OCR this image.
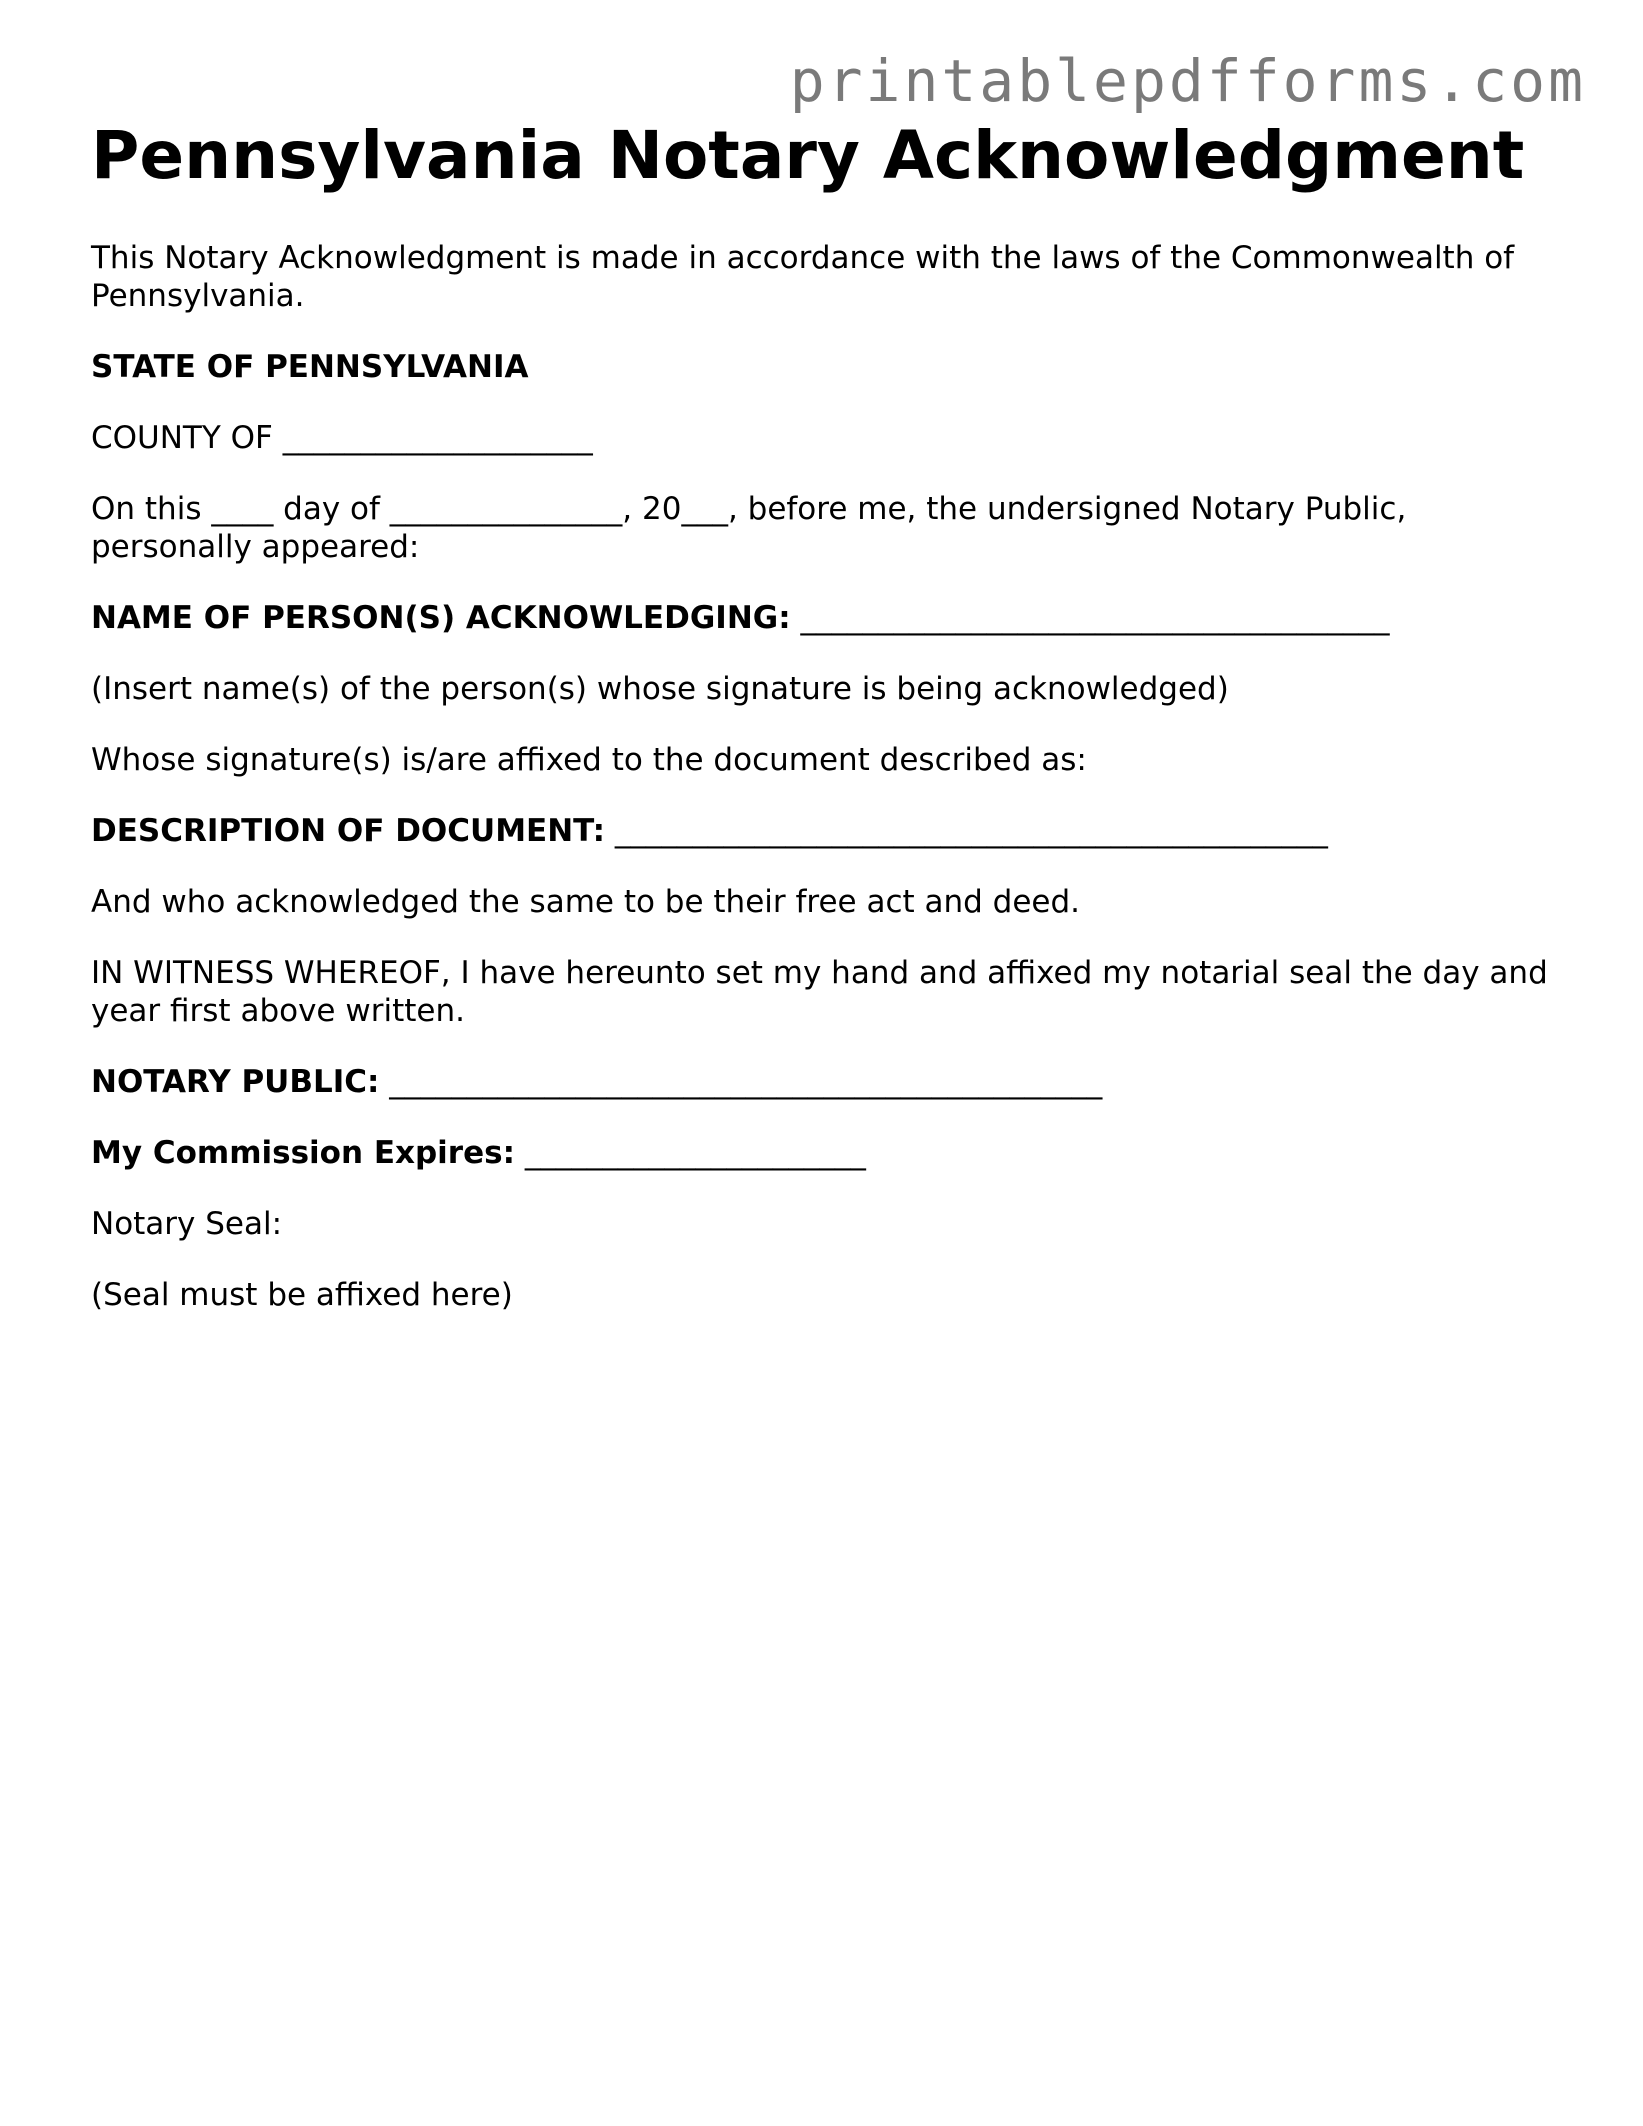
printablepdfforms.com
Pennsylvania Notary Acknowledgment
This Notary Acknowledgment is made in accordance with the laws of the Commonwealth of Pennsylvania.
STATE OF PENNSYLVANIA
COUNTY OF ____________________
On this ____ day of _______________, 20___, before me, the undersigned Notary Public, personally appeared:
NAME OF PERSON(S) ACKNOWLEDGING: ______________________________________
(Insert name(s) of the person(s) whose signature is being acknowledged)
Whose signature(s) is/are affixed to the document described as:
DESCRIPTION OF DOCUMENT: ______________________________________________
And who acknowledged the same to be their free act and deed.
IN WITNESS WHEREOF, I have hereunto set my hand and affixed my notarial seal the day and year first above written.
NOTARY PUBLIC: ______________________________________________
My Commission Expires: ______________________
Notary Seal:
(Seal must be affixed here)
